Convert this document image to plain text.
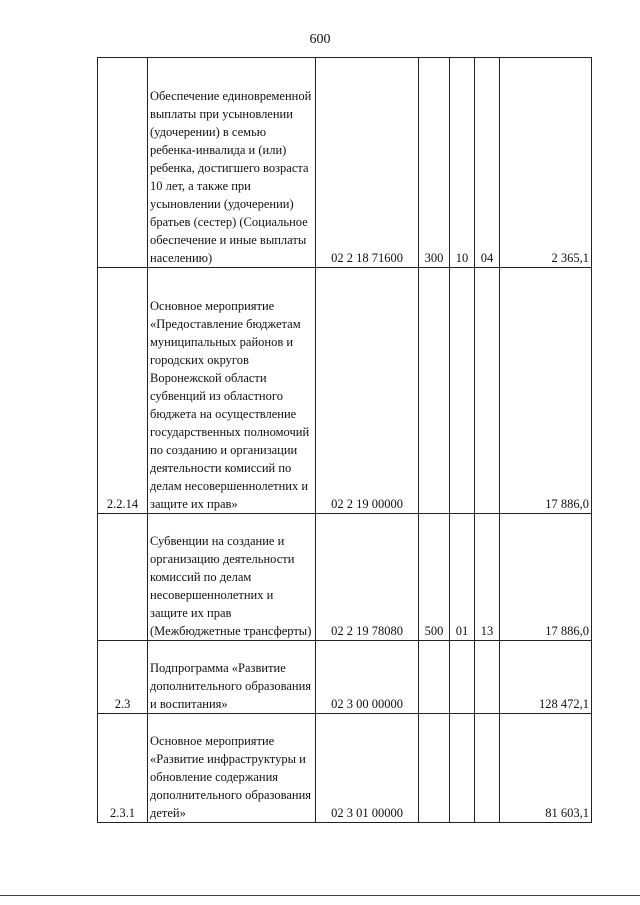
600
	Обеспечение единовременной выплаты при усыновлении (удочерении) в семью ребенка-инвалида и (или) ребенка, достигшего возраста 10 лет, а также при усыновлении (удочерении) братьев (сестер) (Социальное обеспечение и иные выплаты населению)	02 2 18 71600	300	10	04	2 365,1
2.2.14	Основное мероприятие «Предоставление бюджетам муниципальных районов и городских округов Воронежской области субвенций из областного бюджета на осуществление государственных полномочий по созданию и организации деятельности комиссий по делам несовершеннолетних и защите их прав»	02 2 19 00000				17 886,0
	Субвенции на создание и организацию деятельности комиссий по делам несовершеннолетних и защите их прав (Межбюджетные трансферты)	02 2 19 78080	500	01	13	17 886,0
2.3	Подпрограмма «Развитие дополнительного образования и воспитания»	02 3 00 00000				128 472,1
2.3.1	Основное мероприятие «Развитие инфраструктуры и обновление содержания дополнительного образования детей»	02 3 01 00000				81 603,1
